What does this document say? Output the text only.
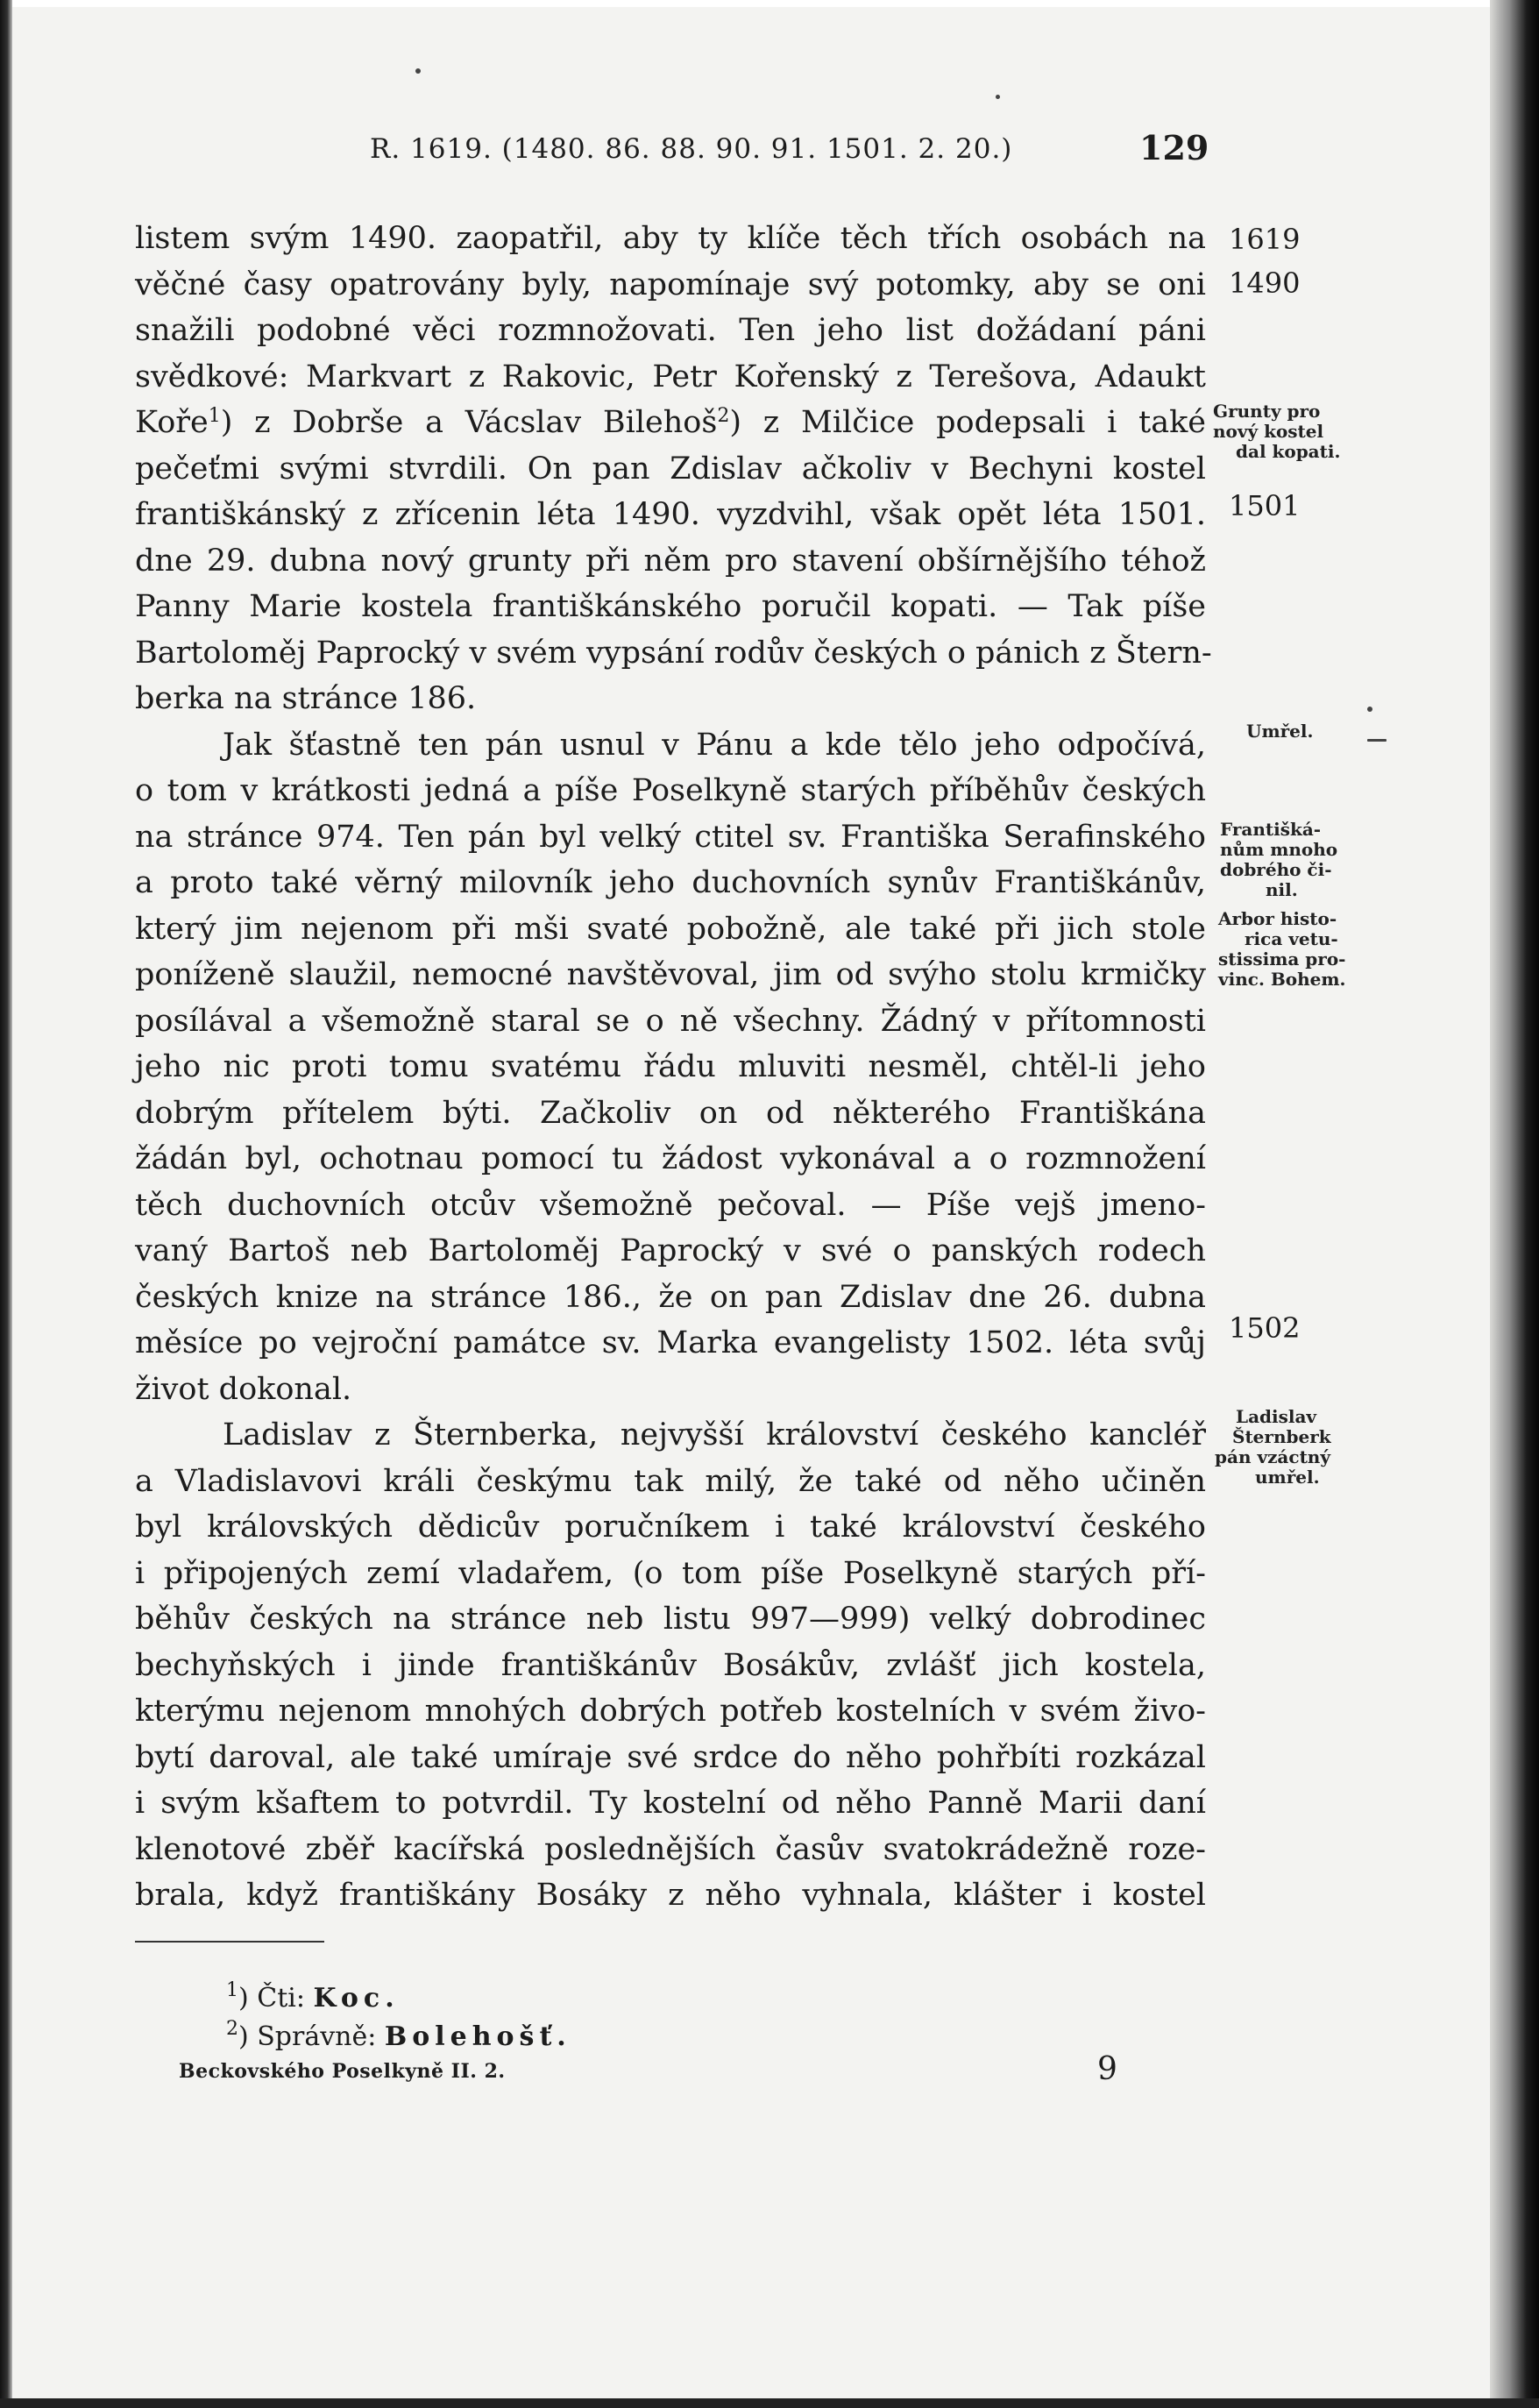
R. 1619. (1480. 86. 88. 90. 91. 1501. 2. 20.)	129
listem svým 1490. zaopatřil, aby ty klíče těch třích osobách na
věčné časy opatrovány byly, napomínaje svý potomky, aby se oni
snažili podobné věci rozmnožovati. Ten jeho list dožádaní páni
svědkové: Markvart z Rakovic, Petr Kořenský z Terešova, Adaukt
Koře$^1$) z Dobrše a Vácslav Bilehoš$^2$) z Milčice podepsali i také
pečeťmi svými stvrdili. On pan Zdislav ačkoliv v Bechyni kostel
františkánský z zřícenin léta 1490. vyzdvihl, však opět léta 1501.
dne 29. dubna nový grunty při něm pro stavení obšírnějšího téhož
Panny Marie kostela františkánského poručil kopati. — Tak píše
Bartoloměj Paprocký v svém vypsání rodův českých o pánich z Štern-
berka na stránce 186.
Jak šťastně ten pán usnul v Pánu a kde tělo jeho odpočívá,
o tom v krátkosti jedná a píše Poselkyně starých příběhův českých
na stránce 974. Ten pán byl velký ctitel sv. Františka Serafinského
a proto také věrný milovník jeho duchovních synův Františkánův,
který jim nejenom při mši svaté pobožně, ale také při jich stole
poníženě slaužil, nemocné navštěvoval, jim od svýho stolu krmičky
posílával a všemožně staral se o ně všechny. Žádný v přítomnosti
jeho nic proti tomu svatému řádu mluviti nesměl, chtěl-li jeho
dobrým přítelem býti. Začkoliv on od některého Františkána
žádán byl, ochotnau pomocí tu žádost vykonával a o rozmnožení
těch duchovních otcův všemožně pečoval. — Píše vejš jmeno-
vaný Bartoš neb Bartoloměj Paprocký v své o panských rodech
českých knize na stránce 186., že on pan Zdislav dne 26. dubna
měsíce po vejroční památce sv. Marka evangelisty 1502. léta svůj
život dokonal.
Ladislav z Šternberka, nejvyšší království českého kancléř
a Vladislavovi králi českýmu tak milý, že také od něho učiněn
byl královských dědicův poručníkem i také království českého
i připojených zemí vladařem, (o tom píše Poselkyně starých pří-
běhův českých na stránce neb listu 997—999) velký dobrodinec
bechyňských i jinde františkánův Bosákův, zvlášť jich kostela,
kterýmu nejenom mnohých dobrých potřeb kostelních v svém živo-
bytí daroval, ale také umíraje své srdce do něho pohřbíti rozkázal
i svým kšaftem to potvrdil. Ty kostelní od něho Panně Marii daní
klenotové zběř kacířská poslednějších časův svatokrádežně roze-
brala, když františkány Bosáky z něho vyhnala, klášter i kostel
1619
1490
1501
1502
Grunty pro
nový kostel
dal kopati.
Umřel.
Františká-
nům mnoho
dobrého či-
nil.
Arbor histo-
rica vetu-
stissima pro-
vinc. Bohem.
Ladislav
Šternberk
pán vzáctný
umřel.
$^1$) Čti: Koc.
$^2$) Správně: Bolehošť.
Beckovského Poselkyně II. 2.	9
